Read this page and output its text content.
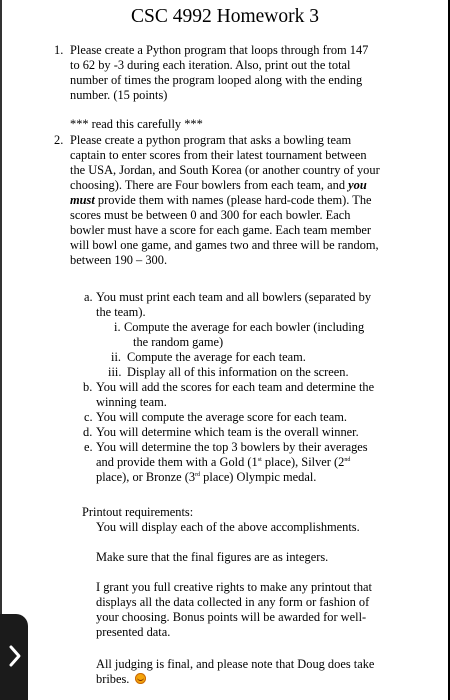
CSC 4992 Homework 3
1. Please create a Python program that loops through from 147
to 62 by -3 during each iteration. Also, print out the total
number of times the program looped along with the ending
number. (15 points)
*** read this carefully ***
2. Please create a python program that asks a bowling team
captain to enter scores from their latest tournament between
the USA, Jordan, and South Korea (or another country of your
choosing). There are Four bowlers from each team, and you
must provide them with names (please hard-code them). The
scores must be between 0 and 300 for each bowler. Each
bowler must have a score for each game. Each team member
will bowl one game, and games two and three will be random,
between 190 – 300.
a. You must print each team and all bowlers (separated by
the team).
i. Compute the average for each bowler (including
the random game)
ii. Compute the average for each team.
iii. Display all of this information on the screen.
b. You will add the scores for each team and determine the
winning team.
c. You will compute the average score for each team.
d. You will determine which team is the overall winner.
e. You will determine the top 3 bowlers by their averages
and provide them with a Gold (1st place), Silver (2nd
place), or Bronze (3rd place) Olympic medal.
Printout requirements:
You will display each of the above accomplishments.
Make sure that the final figures are as integers.
I grant you full creative rights to make any printout that
displays all the data collected in any form or fashion of
your choosing. Bonus points will be awarded for well-
presented data.
All judging is final, and please note that Doug does take
bribes.
